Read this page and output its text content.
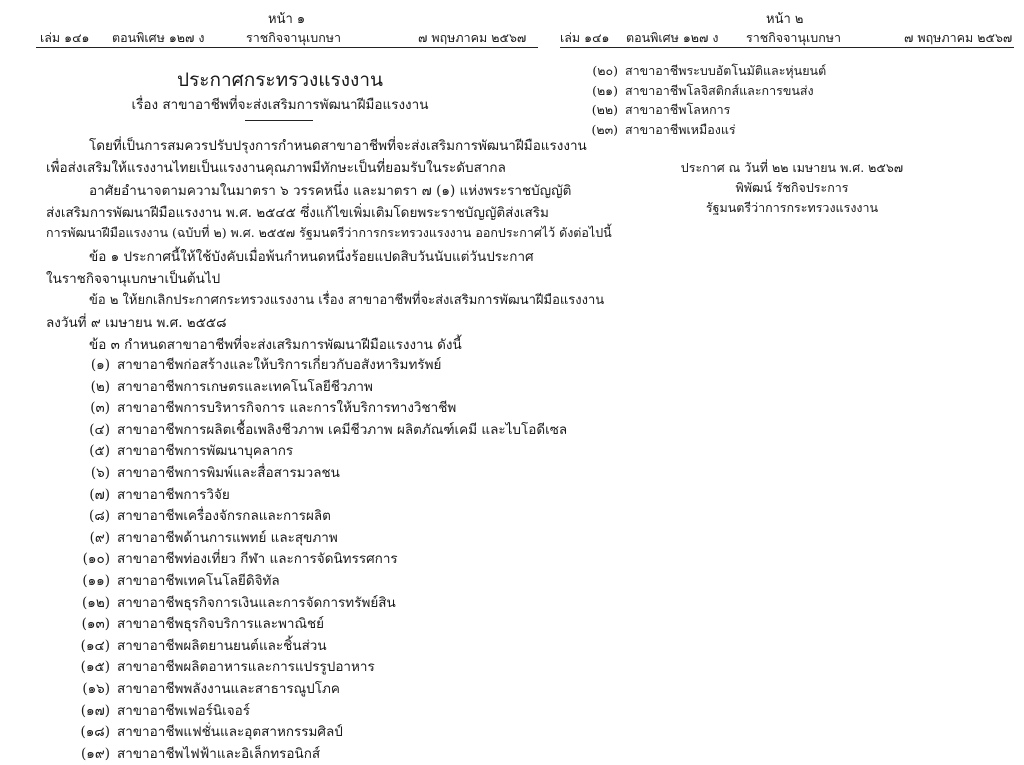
หน้า ๑
เล่ม ๑๔๑ ตอนพิเศษ ๑๒๗ ง	ราชกิจจานุเบกษา	๗ พฤษภาคม ๒๕๖๗
ประกาศกระทรวงแรงงาน
เรื่อง สาขาอาชีพที่จะส่งเสริมการพัฒนาฝีมือแรงงาน
โดยที่เป็นการสมควรปรับปรุงการกำหนดสาขาอาชีพที่จะส่งเสริมการพัฒนาฝีมือแรงงาน
เพื่อส่งเสริมให้แรงงานไทยเป็นแรงงานคุณภาพมีทักษะเป็นที่ยอมรับในระดับสากล
อาศัยอำนาจตามความในมาตรา ๖ วรรคหนึ่ง และมาตรา ๗ (๑) แห่งพระราชบัญญัติ
ส่งเสริมการพัฒนาฝีมือแรงงาน พ.ศ. ๒๕๔๕ ซึ่งแก้ไขเพิ่มเติมโดยพระราชบัญญัติส่งเสริม
การพัฒนาฝีมือแรงงาน (ฉบับที่ ๒) พ.ศ. ๒๕๕๗ รัฐมนตรีว่าการกระทรวงแรงงาน ออกประกาศไว้ ดังต่อไปนี้
ข้อ ๑ ประกาศนี้ให้ใช้บังคับเมื่อพ้นกำหนดหนึ่งร้อยแปดสิบวันนับแต่วันประกาศ
ในราชกิจจานุเบกษาเป็นต้นไป
ข้อ ๒ ให้ยกเลิกประกาศกระทรวงแรงงาน เรื่อง สาขาอาชีพที่จะส่งเสริมการพัฒนาฝีมือแรงงาน
ลงวันที่ ๙ เมษายน พ.ศ. ๒๕๕๘
ข้อ ๓ กำหนดสาขาอาชีพที่จะส่งเสริมการพัฒนาฝีมือแรงงาน ดังนี้
(๑) สาขาอาชีพก่อสร้างและให้บริการเกี่ยวกับอสังหาริมทรัพย์
(๒) สาขาอาชีพการเกษตรและเทคโนโลยีชีวภาพ
(๓) สาขาอาชีพการบริหารกิจการ และการให้บริการทางวิชาชีพ
(๔) สาขาอาชีพการผลิตเชื้อเพลิงชีวภาพ เคมีชีวภาพ ผลิตภัณฑ์เคมี และไบโอดีเซล
(๕) สาขาอาชีพการพัฒนาบุคลากร
(๖) สาขาอาชีพการพิมพ์และสื่อสารมวลชน
(๗) สาขาอาชีพการวิจัย
(๘) สาขาอาชีพเครื่องจักรกลและการผลิต
(๙) สาขาอาชีพด้านการแพทย์ และสุขภาพ
(๑๐) สาขาอาชีพท่องเที่ยว กีฬา และการจัดนิทรรศการ
(๑๑) สาขาอาชีพเทคโนโลยีดิจิทัล
(๑๒) สาขาอาชีพธุรกิจการเงินและการจัดการทรัพย์สิน
(๑๓) สาขาอาชีพธุรกิจบริการและพาณิชย์
(๑๔) สาขาอาชีพผลิตยานยนต์และชิ้นส่วน
(๑๕) สาขาอาชีพผลิตอาหารและการแปรรูปอาหาร
(๑๖) สาขาอาชีพพลังงานและสาธารณูปโภค
(๑๗) สาขาอาชีพเฟอร์นิเจอร์
(๑๘) สาขาอาชีพแฟชั่นและอุตสาหกรรมศิลป์
(๑๙) สาขาอาชีพไฟฟ้าและอิเล็กทรอนิกส์
หน้า ๒
เล่ม ๑๔๑ ตอนพิเศษ ๑๒๗ ง ราชกิจจานุเบกษา	๗ พฤษภาคม ๒๕๖๗
(๒๐) สาขาอาชีพระบบอัตโนมัติและหุ่นยนต์
(๒๑) สาขาอาชีพโลจิสติกส์และการขนส่ง
(๒๒) สาขาอาชีพโลหการ
(๒๓) สาขาอาชีพเหมืองแร่
ประกาศ ณ วันที่ ๒๒ เมษายน พ.ศ. ๒๕๖๗
พิพัฒน์ รัชกิจประการ
รัฐมนตรีว่าการกระทรวงแรงงาน
